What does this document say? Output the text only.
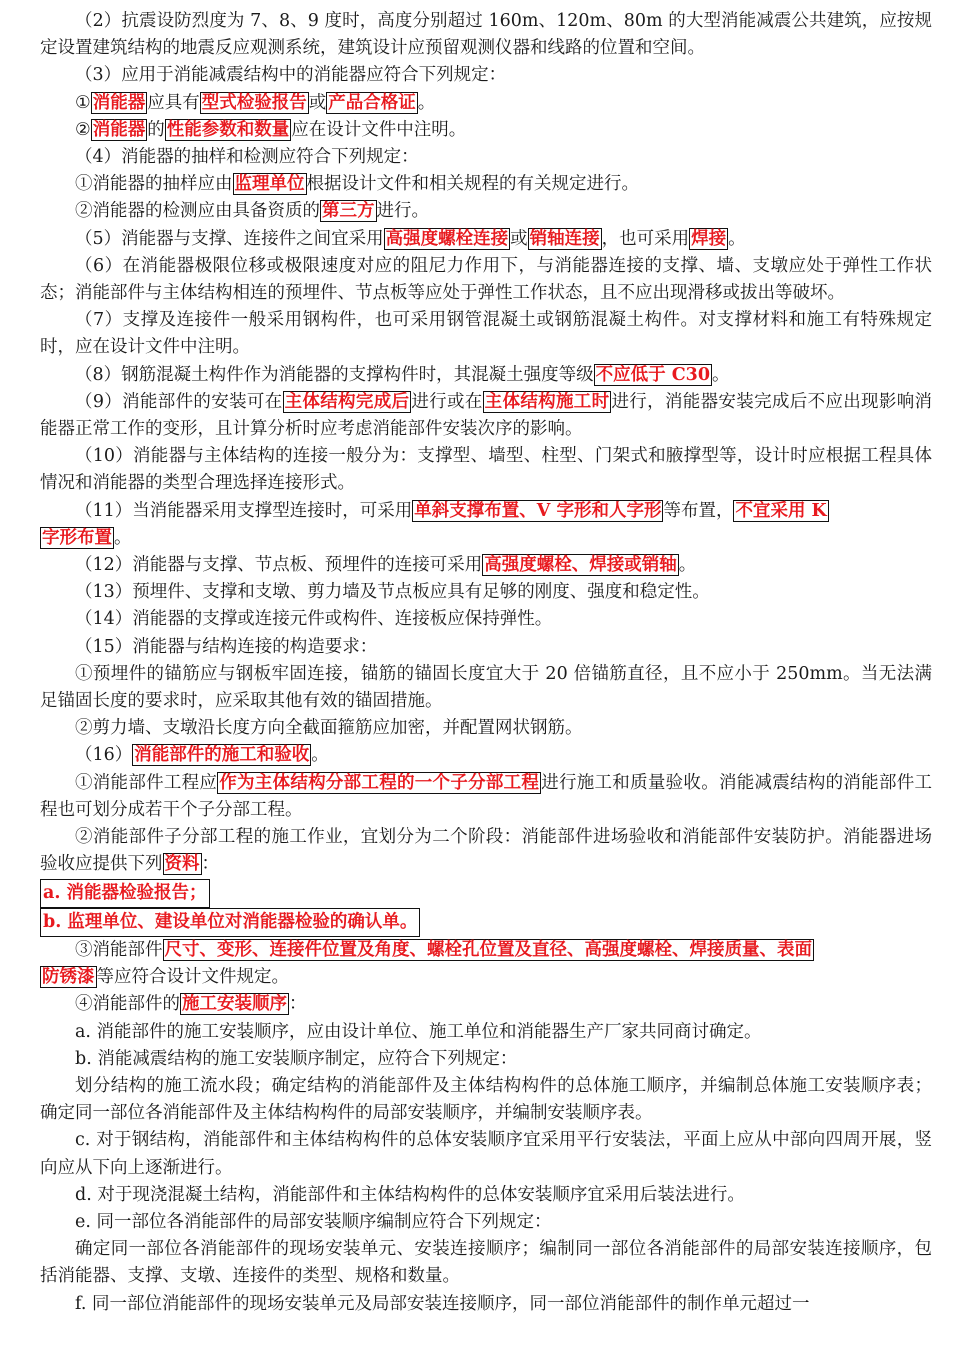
（2）抗震设防烈度为 7、8、9 度时，高度分别超过 160m、120m、80m 的大型消能减震公共建筑，应按规定设置建筑结构的地震反应观测系统，建筑设计应预留观测仪器和线路的位置和空间。

（3）应用于消能减震结构中的消能器应符合下列规定：

① 消能器 应具有 型式检验报告 或 产品合格证 。

② 消能器 的 性能参数和数量 应在设计文件中注明。

（4）消能器的抽样和检测应符合下列规定：

①消能器的抽样应由 监理单位 根据设计文件和相关规程的有关规定进行。

②消能器的检测应由具备资质的 第三方 进行。

（5）消能器与支撑、连接件之间宜采用 高强度螺栓连接 或 销轴连接 ，也可采用 焊接 。

（6）在消能器极限位移或极限速度对应的阻尼力作用下，与消能器连接的支撑、墙、支墩应处于弹性工作状态；消能部件与主体结构相连的预埋件、节点板等应处于弹性工作状态，且不应出现滑移或拔出等破坏。

（7）支撑及连接件一般采用钢构件，也可采用钢管混凝土或钢筋混凝土构件。对支撑材料和施工有特殊规定时，应在设计文件中注明。

（8）钢筋混凝土构件作为消能器的支撑构件时，其混凝土强度等级 不应低于 C30 。

（9）消能部件的安装可在 主体结构完成后 进行或在 主体结构施工时 进行，消能器安装完成后不应出现影响消能器正常工作的变形，且计算分析时应考虑消能部件安装次序的影响。

（10）消能器与主体结构的连接一般分为：支撑型、墙型、柱型、门架式和腋撑型等，设计时应根据工程具体情况和消能器的类型合理选择连接形式。

（11）当消能器采用支撑型连接时，可采用 单斜支撑布置、V 字形和人字形 等布置， 不宜采用 K
字形布置 。

（12）消能器与支撑、节点板、预埋件的连接可采用 高强度螺栓、焊接或销轴 。

（13）预埋件、支撑和支墩、剪力墙及节点板应具有足够的刚度、强度和稳定性。

（14）消能器的支撑或连接元件或构件、连接板应保持弹性。

（15）消能器与结构连接的构造要求：

①预埋件的锚筋应与钢板牢固连接，锚筋的锚固长度宜大于 20 倍锚筋直径，且不应小于 250mm。当无法满足锚固长度的要求时，应采取其他有效的锚固措施。

②剪力墙、支墩沿长度方向全截面箍筋应加密，并配置网状钢筋。

（16） 消能部件的施工和验收 。

①消能部件工程应 作为主体结构分部工程的一个子分部工程 进行施工和质量验收。消能减震结构的消能部件工程也可划分成若干个子分部工程。

②消能部件子分部工程的施工作业，宜划分为二个阶段：消能部件进场验收和消能部件安装防护。消能器进场验收应提供下列 资料 ：

a. 消能器检验报告；

b. 监理单位、建设单位对消能器检验的确认单。

③消能部件 尺寸、变形、连接件位置及角度、螺栓孔位置及直径、高强度螺栓、焊接质量、表面
防锈漆 等应符合设计文件规定。

④消能部件的 施工安装顺序 ：

a. 消能部件的施工安装顺序，应由设计单位、施工单位和消能器生产厂家共同商讨确定。

b. 消能减震结构的施工安装顺序制定，应符合下列规定：

划分结构的施工流水段；确定结构的消能部件及主体结构构件的总体施工顺序，并编制总体施工安装顺序表；确定同一部位各消能部件及主体结构构件的局部安装顺序，并编制安装顺序表。

c. 对于钢结构，消能部件和主体结构构件的总体安装顺序宜采用平行安装法，平面上应从中部向四周开展，竖向应从下向上逐渐进行。

d. 对于现浇混凝土结构，消能部件和主体结构构件的总体安装顺序宜采用后装法进行。

e. 同一部位各消能部件的局部安装顺序编制应符合下列规定：

确定同一部位各消能部件的现场安装单元、安装连接顺序；编制同一部位各消能部件的局部安装连接顺序，包括消能器、支撑、支墩、连接件的类型、规格和数量。

f. 同一部位消能部件的现场安装单元及局部安装连接顺序，同一部位消能部件的制作单元超过一
